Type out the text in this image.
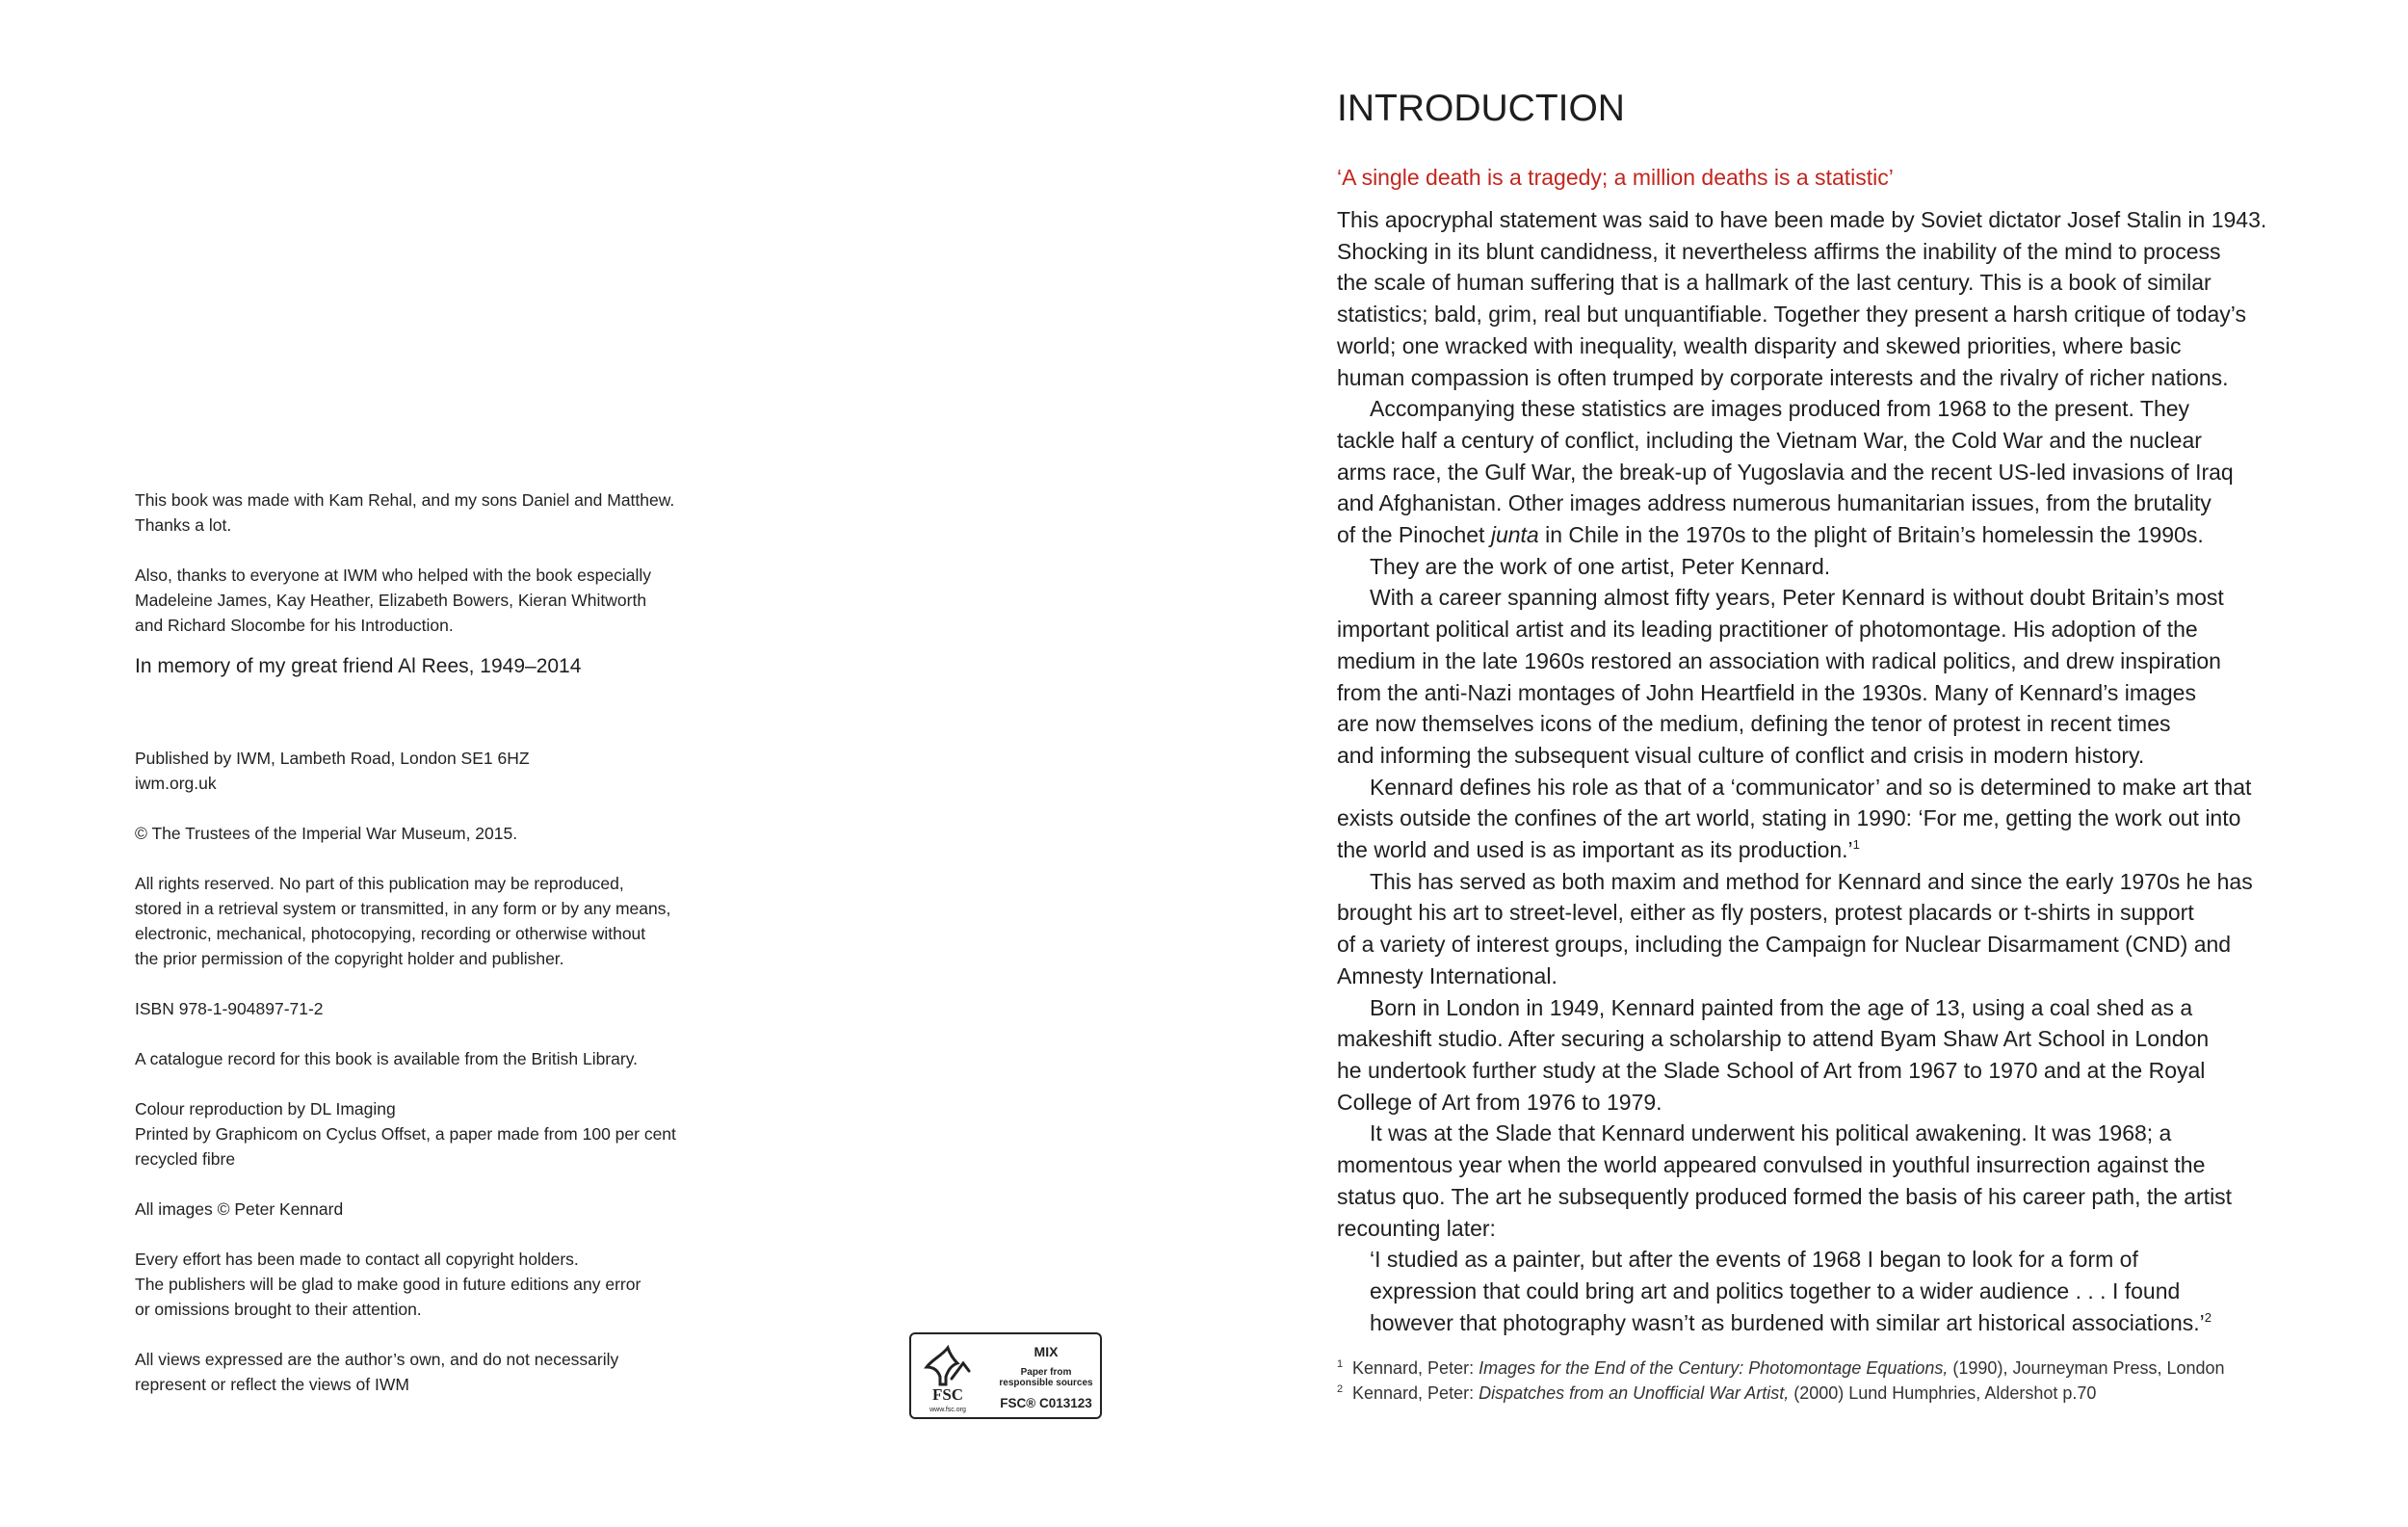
This book was made with Kam Rehal, and my sons Daniel and Matthew.
Thanks a lot.

Also, thanks to everyone at IWM who helped with the book especially
Madeleine James, Kay Heather, Elizabeth Bowers, Kieran Whitworth
and Richard Slocombe for his Introduction.

In memory of my great friend Al Rees, 1949–2014

Published by IWM, Lambeth Road, London SE1 6HZ
iwm.org.uk

© The Trustees of the Imperial War Museum, 2015.

All rights reserved. No part of this publication may be reproduced,
stored in a retrieval system or transmitted, in any form or by any means,
electronic, mechanical, photocopying, recording or otherwise without
the prior permission of the copyright holder and publisher.

ISBN 978-1-904897-71-2

A catalogue record for this book is available from the British Library.

Colour reproduction by DL Imaging
Printed by Graphicom on Cyclus Offset, a paper made from 100 per cent
recycled fibre

All images © Peter Kennard

Every effort has been made to contact all copyright holders.
The publishers will be glad to make good in future editions any error
or omissions brought to their attention.

All views expressed are the author’s own, and do not necessarily
represent or reflect the views of IWM

FSC
www.fsc.org
MIX
Paper from
responsible sources
FSC® C013123
INTRODUCTION

‘A single death is a tragedy; a million deaths is a statistic’

This apocryphal statement was said to have been made by Soviet dictator Josef Stalin in 1943.
Shocking in its blunt candidness, it nevertheless affirms the inability of the mind to process
the scale of human suffering that is a hallmark of the last century. This is a book of similar
statistics; bald, grim, real but unquantifiable. Together they present a harsh critique of today’s
world; one wracked with inequality, wealth disparity and skewed priorities, where basic
human compassion is often trumped by corporate interests and the rivalry of richer nations.

Accompanying these statistics are images produced from 1968 to the present. They
tackle half a century of conflict, including the Vietnam War, the Cold War and the nuclear
arms race, the Gulf War, the break-up of Yugoslavia and the recent US-led invasions of Iraq
and Afghanistan. Other images address numerous humanitarian issues, from the brutality
of the Pinochet junta in Chile in the 1970s to the plight of Britain’s homelessin the 1990s.

They are the work of one artist, Peter Kennard.

With a career spanning almost fifty years, Peter Kennard is without doubt Britain’s most
important political artist and its leading practitioner of photomontage. His adoption of the
medium in the late 1960s restored an association with radical politics, and drew inspiration
from the anti-Nazi montages of John Heartfield in the 1930s. Many of Kennard’s images
are now themselves icons of the medium, defining the tenor of protest in recent times
and informing the subsequent visual culture of conflict and crisis in modern history.

Kennard defines his role as that of a ‘communicator’ and so is determined to make art that
exists outside the confines of the art world, stating in 1990: ‘For me, getting the work out into
the world and used is as important as its production.’$^1$

This has served as both maxim and method for Kennard and since the early 1970s he has
brought his art to street-level, either as fly posters, protest placards or t-shirts in support
of a variety of interest groups, including the Campaign for Nuclear Disarmament (CND) and
Amnesty International.

Born in London in 1949, Kennard painted from the age of 13, using a coal shed as a
makeshift studio. After securing a scholarship to attend Byam Shaw Art School in London
he undertook further study at the Slade School of Art from 1967 to 1970 and at the Royal
College of Art from 1976 to 1979.

It was at the Slade that Kennard underwent his political awakening. It was 1968; a
momentous year when the world appeared convulsed in youthful insurrection against the
status quo. The art he subsequently produced formed the basis of his career path, the artist
recounting later:

‘I studied as a painter, but after the events of 1968 I began to look for a form of
expression that could bring art and politics together to a wider audience . . . I found
however that photography wasn’t as burdened with similar art historical associations.’$^2$

$^1$ Kennard, Peter: Images for the End of the Century: Photomontage Equations, (1990), Journeyman Press, London
$^2$ Kennard, Peter: Dispatches from an Unofficial War Artist, (2000) Lund Humphries, Aldershot p.70
